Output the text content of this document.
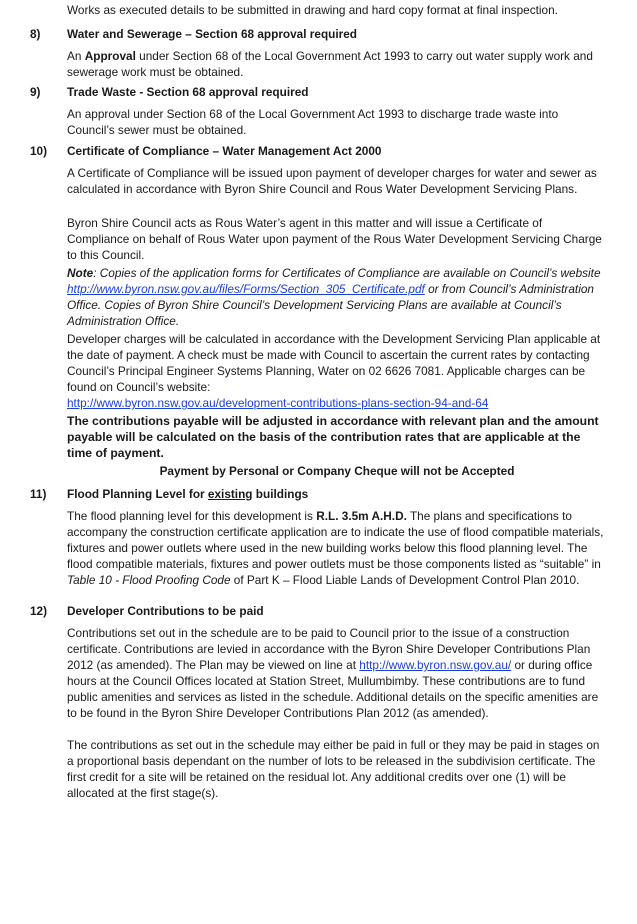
Works as executed details to be submitted in drawing and hard copy format at final inspection.

8) Water and Sewerage – Section 68 approval required

An Approval under Section 68 of the Local Government Act 1993 to carry out water supply work and sewerage work must be obtained.

9) Trade Waste - Section 68 approval required

An approval under Section 68 of the Local Government Act 1993 to discharge trade waste into Council’s sewer must be obtained.

10) Certificate of Compliance – Water Management Act 2000

A Certificate of Compliance will be issued upon payment of developer charges for water and sewer as calculated in accordance with Byron Shire Council and Rous Water Development Servicing Plans.

Byron Shire Council acts as Rous Water’s agent in this matter and will issue a Certificate of Compliance on behalf of Rous Water upon payment of the Rous Water Development Servicing Charge to this Council.

Note: Copies of the application forms for Certificates of Compliance are available on Council’s website http://www.byron.nsw.gov.au/files/Forms/Section_305_Certificate.pdf or from Council’s Administration Office. Copies of Byron Shire Council’s Development Servicing Plans are available at Council’s Administration Office.

Developer charges will be calculated in accordance with the Development Servicing Plan applicable at the date of payment. A check must be made with Council to ascertain the current rates by contacting Council’s Principal Engineer Systems Planning, Water on 02 6626 7081. Applicable charges can be found on Council’s website:
http://www.byron.nsw.gov.au/development-contributions-plans-section-94-and-64

The contributions payable will be adjusted in accordance with relevant plan and the amount payable will be calculated on the basis of the contribution rates that are applicable at the time of payment.

Payment by Personal or Company Cheque will not be Accepted

11) Flood Planning Level for existing buildings

The flood planning level for this development is R.L. 3.5m A.H.D. The plans and specifications to accompany the construction certificate application are to indicate the use of flood compatible materials, fixtures and power outlets where used in the new building works below this flood planning level. The flood compatible materials, fixtures and power outlets must be those components listed as “suitable” in Table 10 - Flood Proofing Code of Part K – Flood Liable Lands of Development Control Plan 2010.

12) Developer Contributions to be paid

Contributions set out in the schedule are to be paid to Council prior to the issue of a construction certificate. Contributions are levied in accordance with the Byron Shire Developer Contributions Plan 2012 (as amended). The Plan may be viewed on line at http://www.byron.nsw.gov.au/ or during office hours at the Council Offices located at Station Street, Mullumbimby. These contributions are to fund public amenities and services as listed in the schedule. Additional details on the specific amenities are to be found in the Byron Shire Developer Contributions Plan 2012 (as amended).

The contributions as set out in the schedule may either be paid in full or they may be paid in stages on a proportional basis dependant on the number of lots to be released in the subdivision certificate. The first credit for a site will be retained on the residual lot. Any additional credits over one (1) will be allocated at the first stage(s).
